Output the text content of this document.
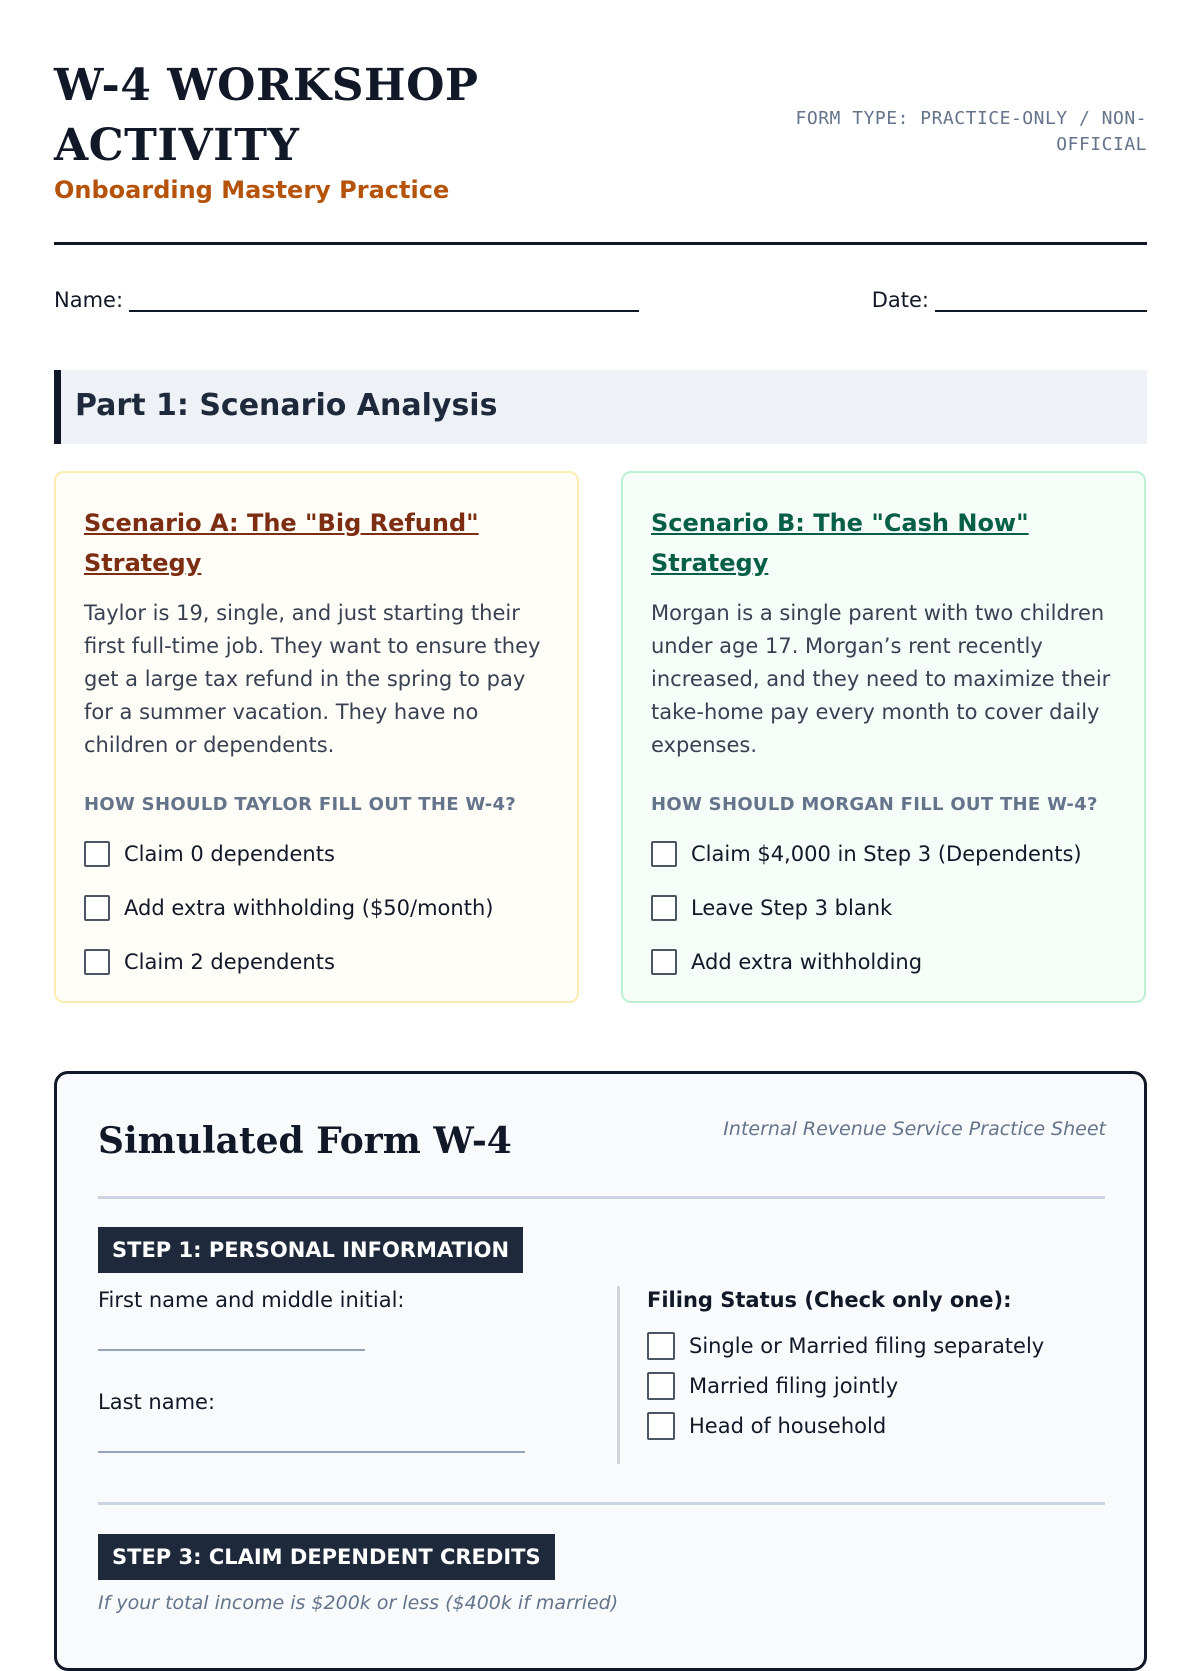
W-4 WORKSHOP
ACTIVITY
Onboarding Mastery Practice
FORM TYPE: PRACTICE-ONLY / NON-OFFICIAL
Name:	Date:
Part 1: Scenario Analysis
Scenario A: The "Big Refund" Strategy

Taylor is 19, single, and just starting their first full-time job. They want to ensure they get a large tax refund in the spring to pay for a summer vacation. They have no children or dependents.

HOW SHOULD TAYLOR FILL OUT THE W-4?
Claim 0 dependents
Add extra withholding ($50/month)
Claim 2 dependents
Scenario B: The "Cash Now" Strategy

Morgan is a single parent with two children under age 17. Morgan’s rent recently increased, and they need to maximize their take-home pay every month to cover daily expenses.

HOW SHOULD MORGAN FILL OUT THE W-4?
Claim $4,000 in Step 3 (Dependents)
Leave Step 3 blank
Add extra withholding
Simulated Form W-4	Internal Revenue Service Practice Sheet
STEP 1: PERSONAL INFORMATION
First name and middle initial:
Last name:
Filing Status (Check only one):
Single or Married filing separately
Married filing jointly
Head of household
STEP 3: CLAIM DEPENDENT CREDITS
If your total income is $200k or less ($400k if married)
